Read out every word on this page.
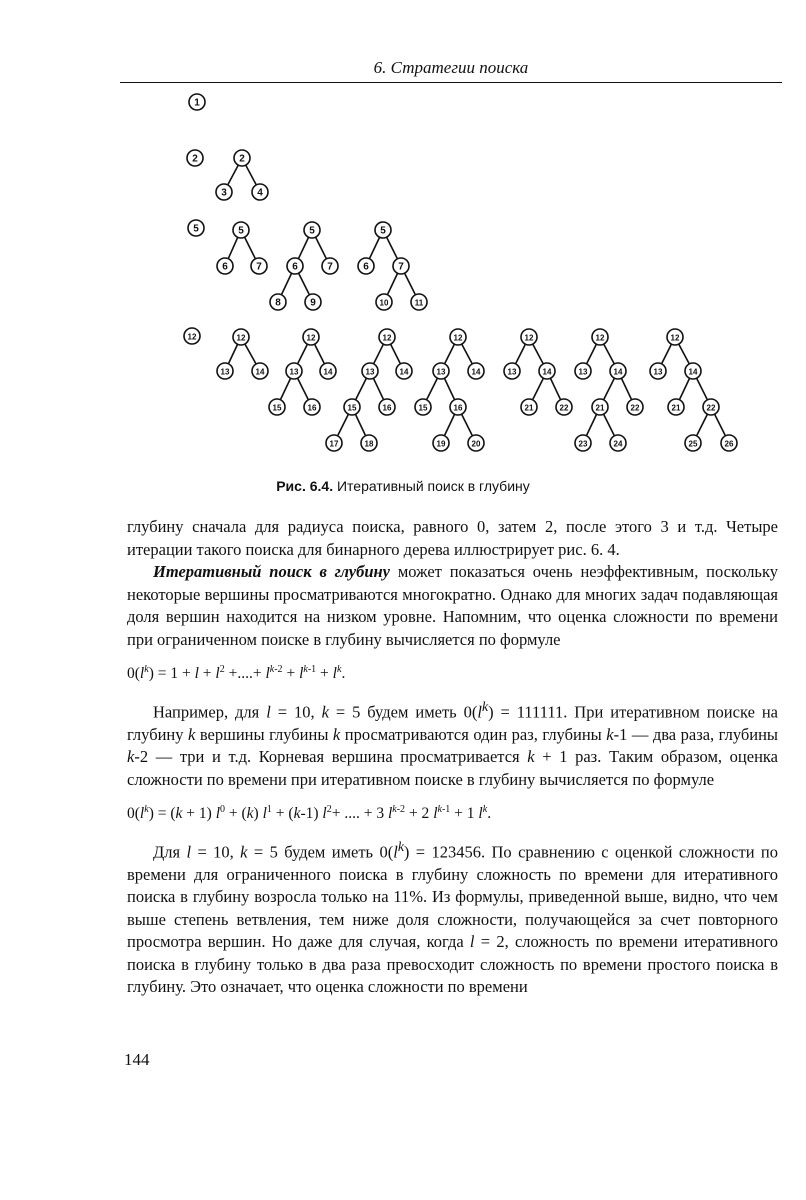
6. Стратегии поиска
1
2	2
3	4
5	5
6	7
5
6	7
8	9
5
6	7
10	11
12	12
13	14
12
13	14
15	16
12
13	14
15	16
17	18
12
13	14
15	16
19	20
12
13	14
21	22
12
13	14
21	22
23	24
12
13	14
21	22
25	26
Рис. 6.4. Итеративный поиск в глубину

глубину сначала для радиуса поиска, равного 0, затем 2, после этого 3 и т.д. Четыре итерации такого поиска для бинарного дерева иллюстрирует рис. 6. 4.

Итеративный поиск в глубину может показаться очень неэффективным, поскольку некоторые вершины просматриваются многократно. Однако для многих задач подавляющая доля вершин находится на низком уровне. Напомним, что оценка сложности по времени при ограниченном поиске в глубину вычисляется по формуле

$0(l^k) = 1 + l + l^2$ +....+ $l^{k-2} + l^{k-1} + l^k$.

Например, для l = 10, k = 5 будем иметь $0(l^k) = 111111$. При итеративном поиске на глубину k вершины глубины k просматриваются один раз, глубины k-1 — два раза, глубины k-2 — три и т.д. Корневая вершина просматривается k + 1 раз. Таким образом, оценка сложности по времени при итеративном поиске в глубину вычисляется по формуле

$0(l^k) = (k + 1) l^0 + (k) l^1 + (k-1)$ $l^2+$ .... + 3 $l^{k-2} + 2$ $l^{k-1} + 1$ $l^k$.

Для l = 10, k = 5 будем иметь $0(l^k) = 123456$. По сравнению с оценкой сложности по времени для ограниченного поиска в глубину сложность по времени для итеративного поиска в глубину возросла только на 11%. Из формулы, приведенной выше, видно, что чем выше степень ветвления, тем ниже доля сложности, получающейся за счет повторного просмотра вершин. Но даже для случая, когда l = 2, сложность по времени итеративного поиска в глубину только в два раза превосходит сложность по времени простого поиска в глубину. Это означает, что оценка сложности по времени

144
